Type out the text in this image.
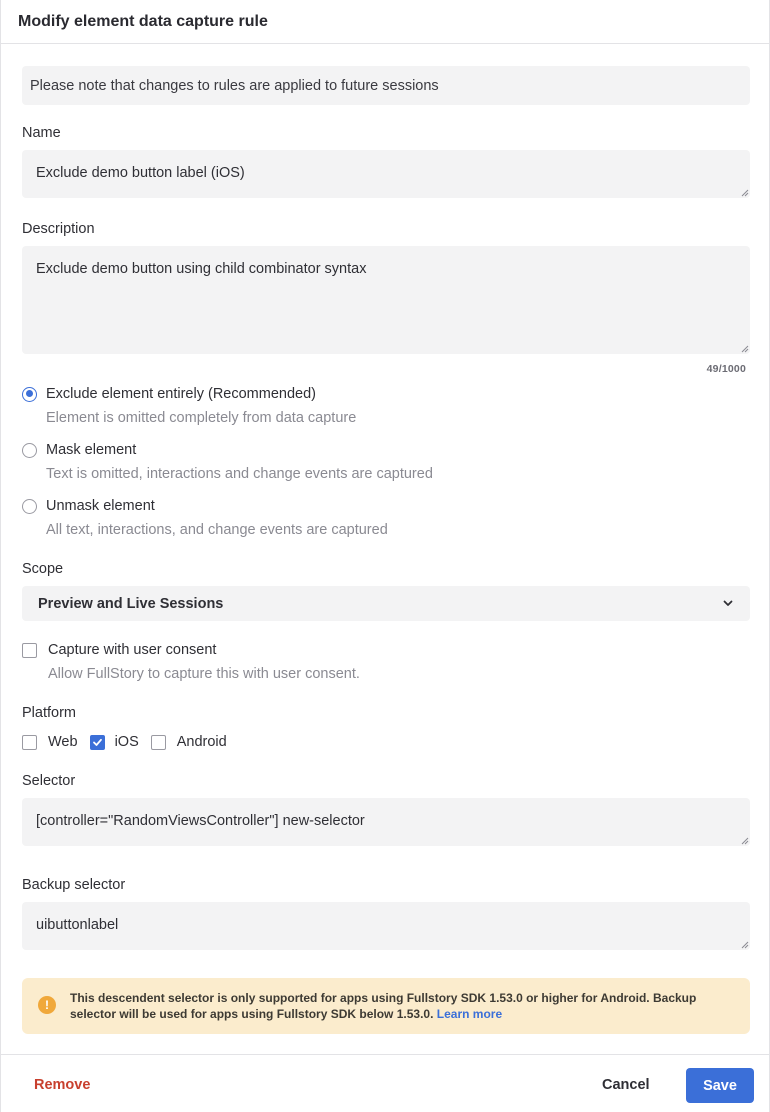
Modify element data capture rule
Please note that changes to rules are applied to future sessions
Name
Exclude demo button label (iOS)
Description
Exclude demo button using child combinator syntax
49/1000
Exclude element entirely (Recommended)
Element is omitted completely from data capture
Mask element
Text is omitted, interactions and change events are captured
Unmask element
All text, interactions, and change events are captured
Scope
Preview and Live Sessions
Capture with user consent
Allow FullStory to capture this with user consent.
Platform
Web	iOS	Android
Selector
[controller="RandomViewsController"] new-selector
Backup selector
uibuttonlabel
!	This descendent selector is only supported for apps using Fullstory SDK 1.53.0 or higher for Android. Backup selector will be used for apps using Fullstory SDK below 1.53.0. Learn more
Remove	Cancel	Save
